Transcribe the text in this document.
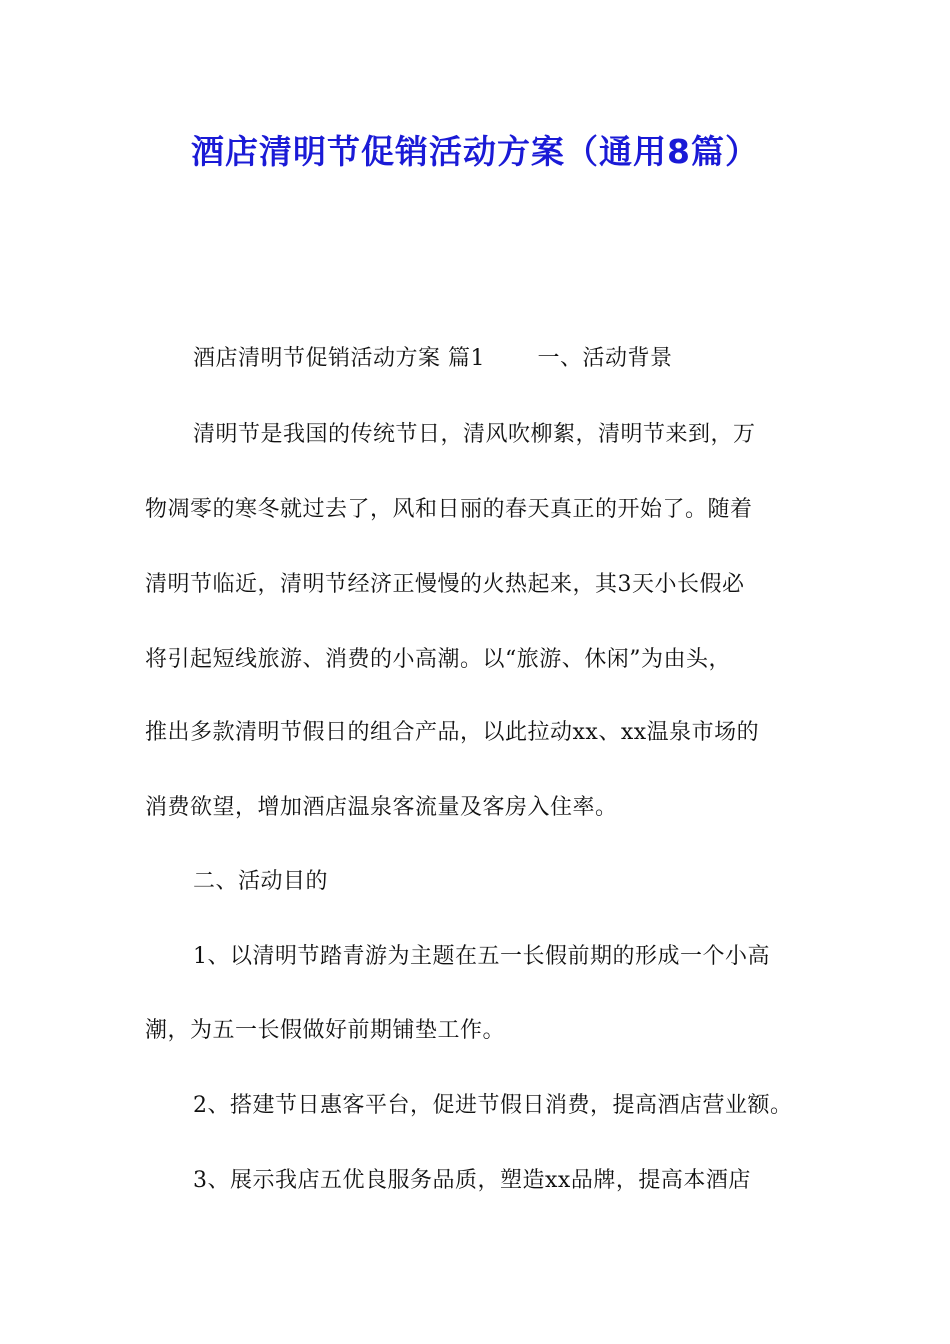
酒店清明节促销活动方案（通用8篇）
酒店清明节促销活动方案 篇1　　 一、活动背景
清明节是我国的传统节日，清风吹柳絮，清明节来到，万
物凋零的寒冬就过去了，风和日丽的春天真正的开始了。随着
清明节临近，清明节经济正慢慢的火热起来，其3天小长假必
将引起短线旅游、消费的小高潮。以“旅游、休闲”为由头，
推出多款清明节假日的组合产品，以此拉动xx、xx温泉市场的
消费欲望，增加酒店温泉客流量及客房入住率。
二、活动目的
1、以清明节踏青游为主题在五一长假前期的形成一个小高
潮，为五一长假做好前期铺垫工作。
2、搭建节日惠客平台，促进节假日消费，提高酒店营业额。
3、展示我店五优良服务品质，塑造xx品牌，提高本酒店
